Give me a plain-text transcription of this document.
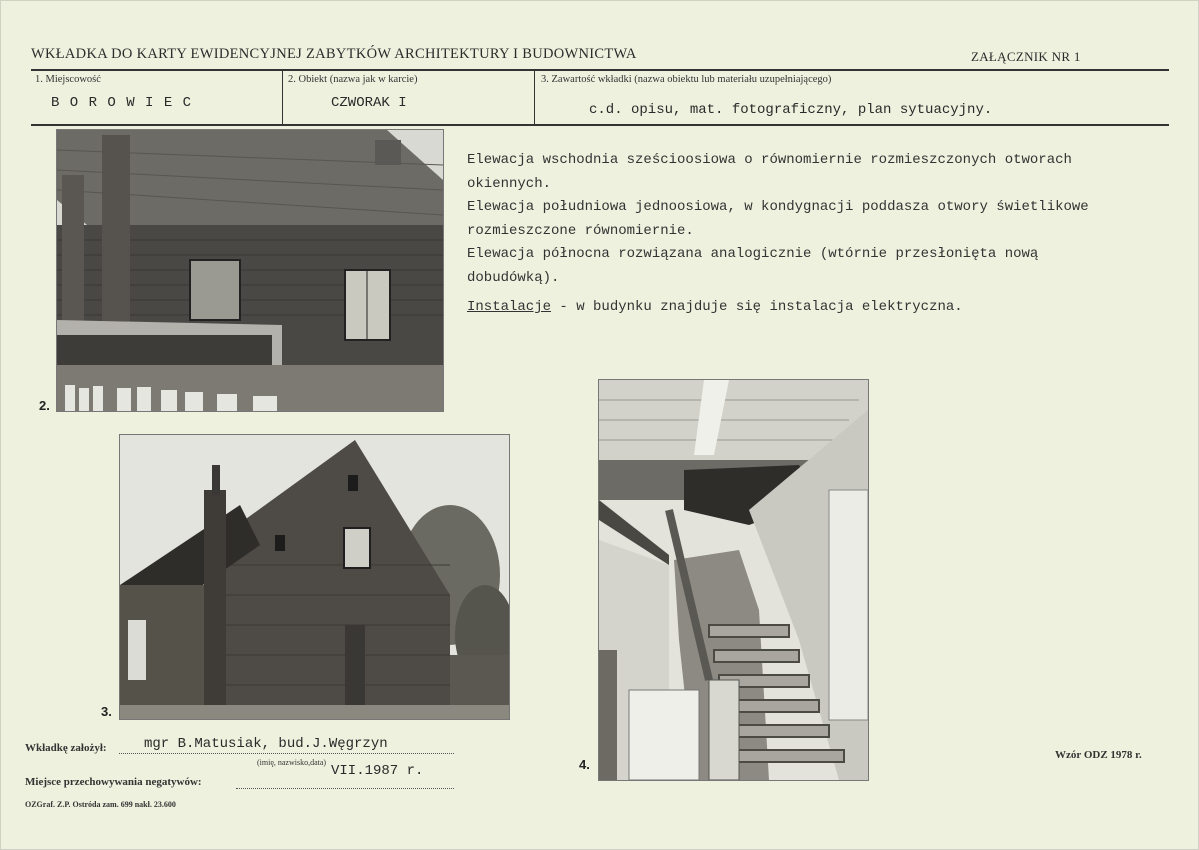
WKŁADKA DO KARTY EWIDENCYJNEJ ZABYTKÓW ARCHITEKTURY I BUDOWNICTWA	ZAŁĄCZNIK NR 1
1. Miejscowość
B O R O W I E C
2. Obiekt (nazwa jak w karcie)
CZWORAK I
3. Zawartość wkładki (nazwa obiektu lub materiału uzupełniającego)
c.d. opisu, mat. fotograficzny, plan sytuacyjny.
2.
3.
4.

Elewacja wschodnia sześcioosiowa o równomiernie rozmieszczonych otworach okiennych.

Elewacja południowa jednoosiowa, w kondygnacji poddasza otwory świetlikowe rozmieszczone równomiernie.

Elewacja północna rozwiązana analogicznie (wtórnie przesłonięta nową dobudówką).

Instalacje - w budynku znajduje się instalacja elektryczna.

Wkładkę założył:	mgr B.Matusiak, bud.J.Węgrzyn
(imię, nazwisko,data)
VII.1987 r.
Miejsce przechowywania negatywów:
OZGraf. Z.P. Ostróda zam. 699 nakł. 23.600
Wzór ODZ 1978 r.
